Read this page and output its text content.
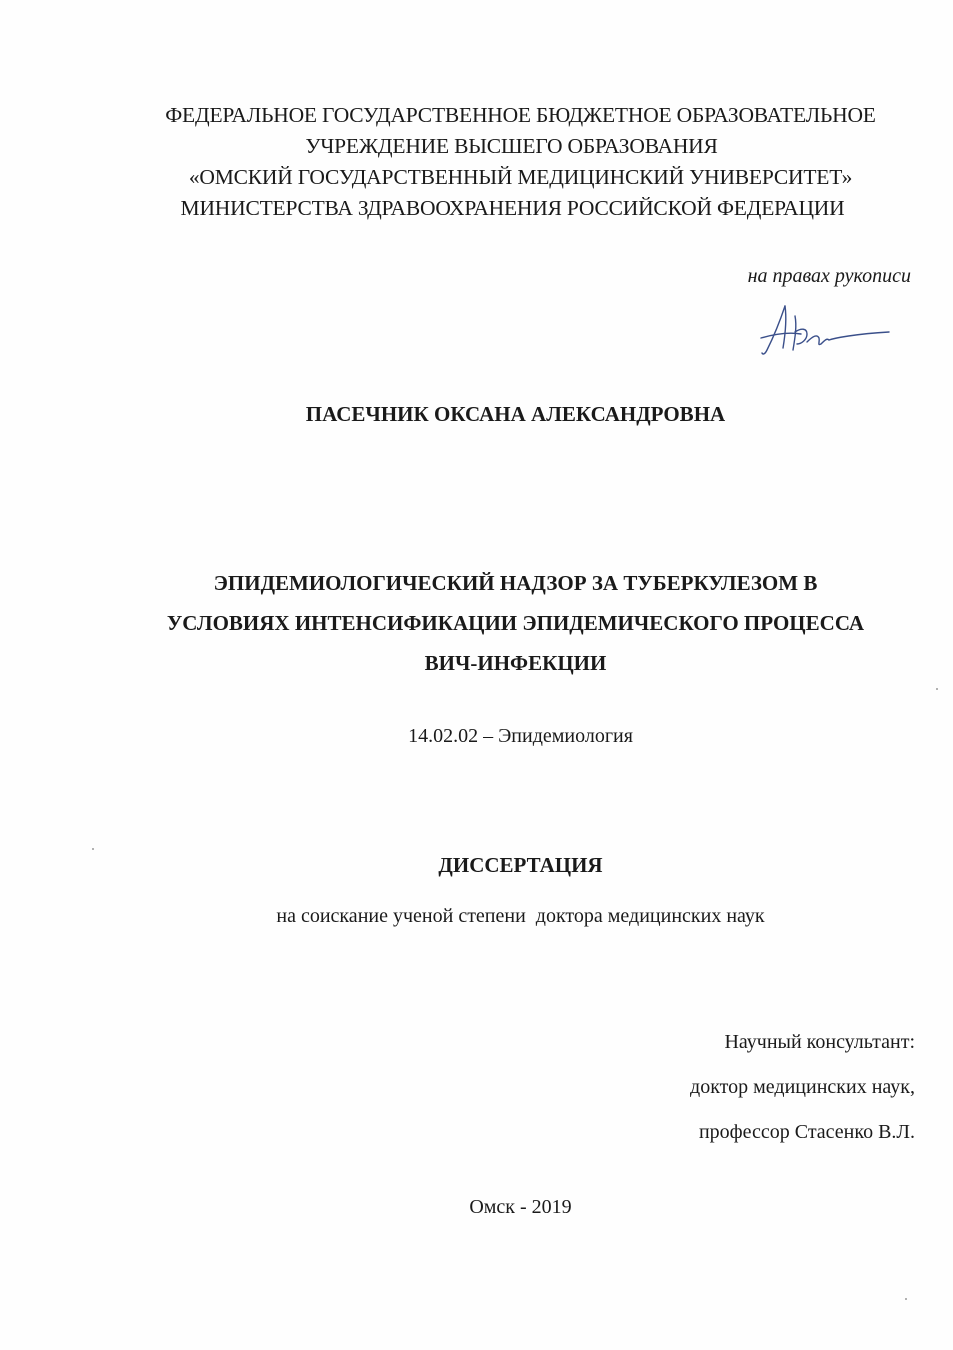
ФЕДЕРАЛЬНОЕ ГОСУДАРСТВЕННОЕ БЮДЖЕТНОЕ ОБРАЗОВАТЕЛЬНОЕ
УЧРЕЖДЕНИЕ ВЫСШЕГО ОБРАЗОВАНИЯ
«ОМСКИЙ ГОСУДАРСТВЕННЫЙ МЕДИЦИНСКИЙ УНИВЕРСИТЕТ»
МИНИСТЕРСТВА ЗДРАВООХРАНЕНИЯ РОССИЙСКОЙ ФЕДЕРАЦИИ
на правах рукописи
ПАСЕЧНИК ОКСАНА АЛЕКСАНДРОВНА
ЭПИДЕМИОЛОГИЧЕСКИЙ НАДЗОР ЗА ТУБЕРКУЛЕЗОМ В
УСЛОВИЯХ ИНТЕНСИФИКАЦИИ ЭПИДЕМИЧЕСКОГО ПРОЦЕССА
ВИЧ-ИНФЕКЦИИ
14.02.02 – Эпидемиология
ДИССЕРТАЦИЯ
на соискание ученой степени  доктора медицинских наук
Научный консультант:
доктор медицинских наук,
профессор Стасенко В.Л.
Омск - 2019
